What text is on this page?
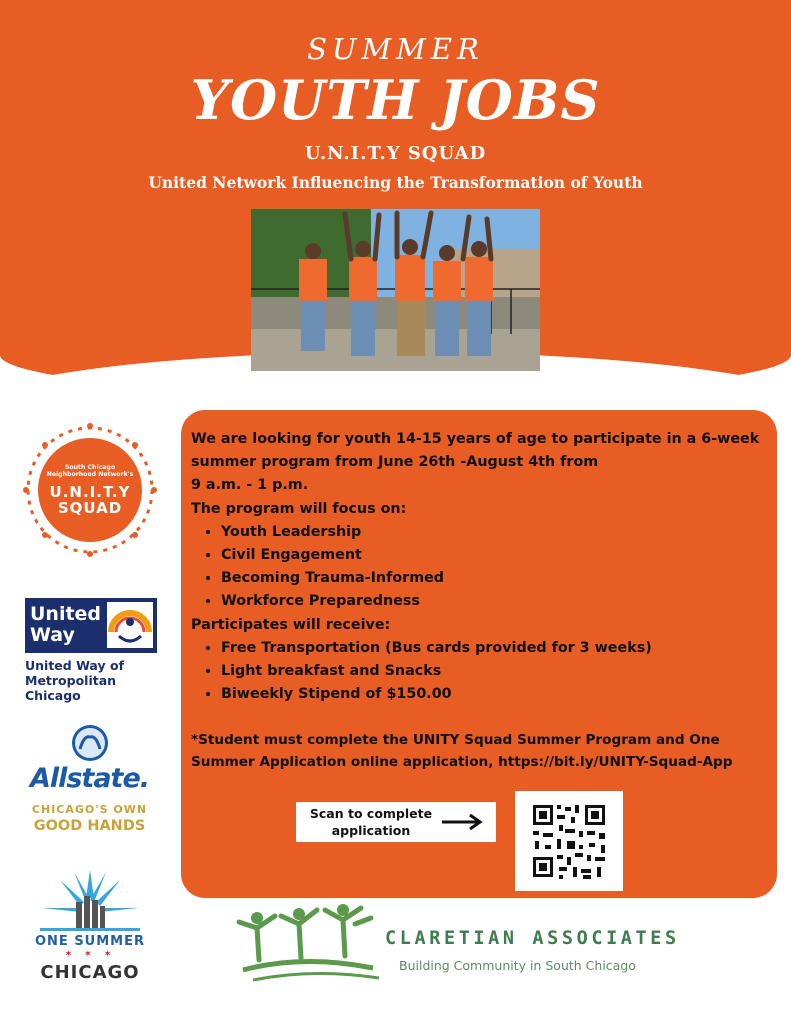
SUMMER
YOUTH JOBS
U.N.I.T.Y SQUAD
United Network Influencing the Transformation of Youth
South Chicago
Neighborhood Network's
U.N.I.T.Y
SQUAD
United
Way
United Way of
Metropolitan Chicago
Allstate.
CHICAGO'S OWN
GOOD HANDS
ONE SUMMER
✶ ✶ ✶
CHICAGO

We are looking for youth 14-15 years of age to participate in a 6-week

summer program from June 26th -August 4th from

9 a.m. - 1 p.m.

The program will focus on:

• Youth Leadership
• Civil Engagement
• Becoming Trauma-Informed
• Workforce Preparedness

Participates will receive:

• Free Transportation (Bus cards provided for 3 weeks)
• Light breakfast and Snacks
• Biweekly Stipend of $150.00

*Student must complete the UNITY Squad Summer Program and One

Summer Application online application, https://bit.ly/UNITY-Squad-App

Scan to complete
application
CLARETIAN ASSOCIATES
Building Community in South Chicago
